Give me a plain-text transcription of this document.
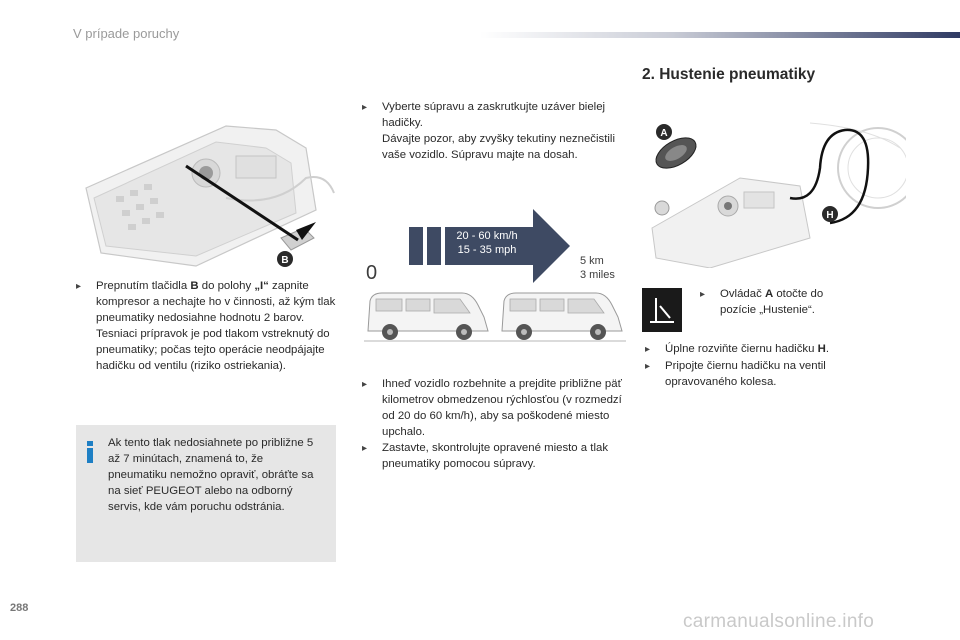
V prípade poruchy
B
▸	Prepnutím tlačidla B do polohy „I“ zapnite kompresor a nechajte ho v činnosti, až kým tlak pneumatiky nedosiahne hodnotu 2 barov.
Tesniaci prípravok je pod tlakom vstreknutý do pneumatiky; počas tejto operácie neodpájajte hadičku od ventilu (riziko ostriekania).
Ak tento tlak nedosiahnete po približne 5 až 7 minútach, znamená to, že pneumatiku nemožno opraviť, obráťte sa na sieť PEUGEOT alebo na odborný servis, kde vám poruchu odstránia.
▸	Vyberte súpravu a zaskrutkujte uzáver bielej hadičky.
Dávajte pozor, aby zvyšky tekutiny neznečistili vaše vozidlo. Súpravu majte na dosah.
20 - 60 km/h
15 - 35 mph
0
5 km
3 miles
▸	Ihneď vozidlo rozbehnite a prejdite približne päť kilometrov obmedzenou rýchlosťou (v rozmedzí od 20 do 60 km/h), aby sa poškodené miesto upchalo.
▸	Zastavte, skontrolujte opravené miesto a tlak pneumatiky pomocou súpravy.
2. Hustenie pneumatiky
A
H
▸	Ovládač A otočte do pozície „Hustenie“.
▸	Úplne rozviňte čiernu hadičku H.
▸	Pripojte čiernu hadičku na ventil opravovaného kolesa.
288
carmanualsonline.info
